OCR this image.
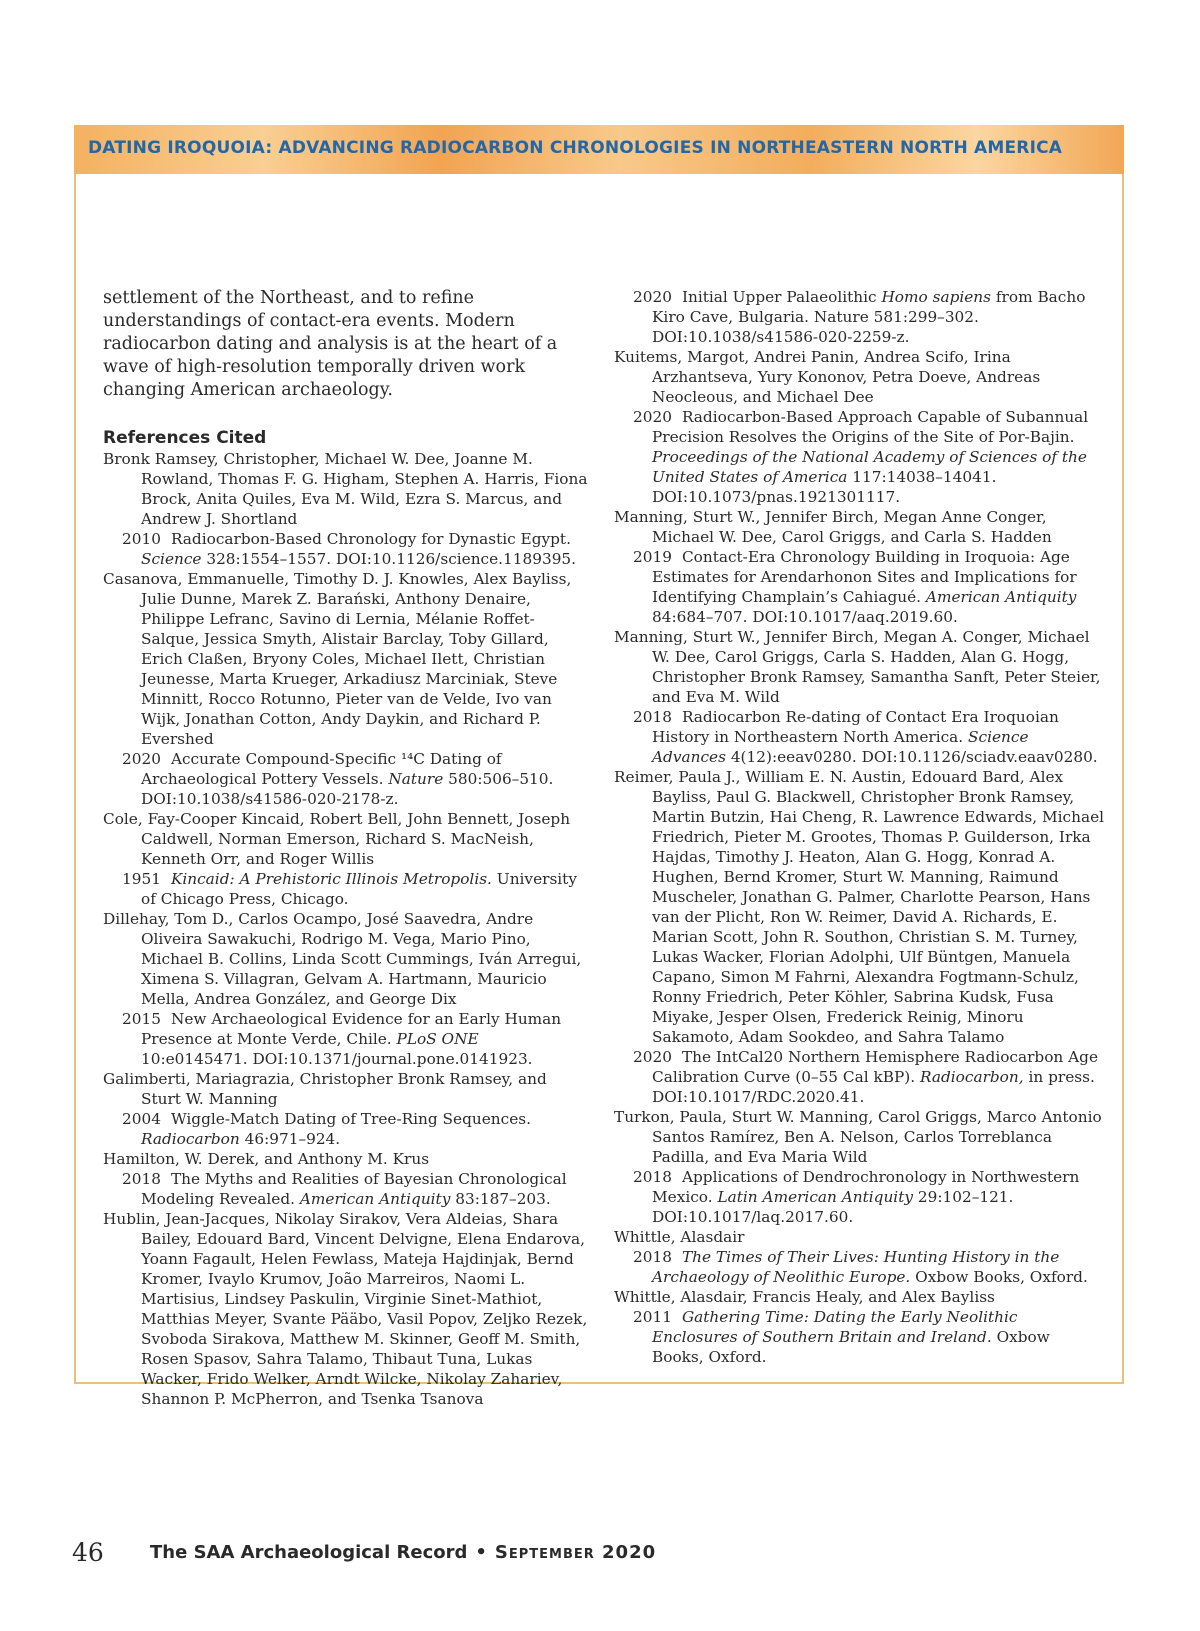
DATING IROQUOIA: ADVANCING RADIOCARBON CHRONOLOGIES IN NORTHEASTERN NORTH AMERICA

settlement of the Northeast, and to refine understandings of contact-era events. Modern radiocarbon dating and analysis is at the heart of a wave of high-resolution temporally driven work changing American archaeology.

References Cited

Bronk Ramsey, Christopher, Michael W. Dee, Joanne M. Rowland, Thomas F. G. Higham, Stephen A. Harris, Fiona Brock, Anita Quiles, Eva M. Wild, Ezra S. Marcus, and Andrew J. Shortland

2010 Radiocarbon-Based Chronology for Dynastic Egypt. Science 328:1554–1557. DOI:10.1126/science.1189395.

Casanova, Emmanuelle, Timothy D. J. Knowles, Alex Bayliss, Julie Dunne, Marek Z. Barański, Anthony Denaire, Philippe Lefranc, Savino di Lernia, Mélanie Roffet-Salque, Jessica Smyth, Alistair Barclay, Toby Gillard, Erich Claßen, Bryony Coles, Michael Ilett, Christian Jeunesse, Marta Krueger, Arkadiusz Marciniak, Steve Minnitt, Rocco Rotunno, Pieter van de Velde, Ivo van Wijk, Jonathan Cotton, Andy Daykin, and Richard P. Evershed

2020 Accurate Compound-Specific ¹⁴C Dating of Archaeological Pottery Vessels. Nature 580:506–510. DOI:10.1038/s41586-020-2178-z.

Cole, Fay-Cooper Kincaid, Robert Bell, John Bennett, Joseph Caldwell, Norman Emerson, Richard S. MacNeish, Kenneth Orr, and Roger Willis

1951 Kincaid: A Prehistoric Illinois Metropolis. University of Chicago Press, Chicago.

Dillehay, Tom D., Carlos Ocampo, José Saavedra, Andre Oliveira Sawakuchi, Rodrigo M. Vega, Mario Pino, Michael B. Collins, Linda Scott Cummings, Iván Arregui, Ximena S. Villagran, Gelvam A. Hartmann, Mauricio Mella, Andrea González, and George Dix

2015 New Archaeological Evidence for an Early Human Presence at Monte Verde, Chile. PLoS ONE 10:e0145471. DOI:10.1371/journal.pone.0141923.

Galimberti, Mariagrazia, Christopher Bronk Ramsey, and Sturt W. Manning

2004 Wiggle-Match Dating of Tree-Ring Sequences. Radiocarbon 46:971–924.

Hamilton, W. Derek, and Anthony M. Krus

2018 The Myths and Realities of Bayesian Chronological Modeling Revealed. American Antiquity 83:187–203.

Hublin, Jean-Jacques, Nikolay Sirakov, Vera Aldeias, Shara Bailey, Edouard Bard, Vincent Delvigne, Elena Endarova, Yoann Fagault, Helen Fewlass, Mateja Hajdinjak, Bernd Kromer, Ivaylo Krumov, João Marreiros, Naomi L. Martisius, Lindsey Paskulin, Virginie Sinet-Mathiot, Matthias Meyer, Svante Pääbo, Vasil Popov, Zeljko Rezek, Svoboda Sirakova, Matthew M. Skinner, Geoff M. Smith, Rosen Spasov, Sahra Talamo, Thibaut Tuna, Lukas Wacker, Frido Welker, Arndt Wilcke, Nikolay Zahariev, Shannon P. McPherron, and Tsenka Tsanova

2020 Initial Upper Palaeolithic Homo sapiens from Bacho Kiro Cave, Bulgaria. Nature 581:299–302. DOI:10.1038/s41586-020-2259-z.

Kuitems, Margot, Andrei Panin, Andrea Scifo, Irina Arzhantseva, Yury Kononov, Petra Doeve, Andreas Neocleous, and Michael Dee

2020 Radiocarbon-Based Approach Capable of Subannual Precision Resolves the Origins of the Site of Por-Bajin. Proceedings of the National Academy of Sciences of the United States of America 117:14038–14041. DOI:10.1073/pnas.1921301117.

Manning, Sturt W., Jennifer Birch, Megan Anne Conger, Michael W. Dee, Carol Griggs, and Carla S. Hadden

2019 Contact-Era Chronology Building in Iroquoia: Age Estimates for Arendarhonon Sites and Implications for Identifying Champlain’s Cahiagué. American Antiquity 84:684–707. DOI:10.1017/aaq.2019.60.

Manning, Sturt W., Jennifer Birch, Megan A. Conger, Michael W. Dee, Carol Griggs, Carla S. Hadden, Alan G. Hogg, Christopher Bronk Ramsey, Samantha Sanft, Peter Steier, and Eva M. Wild

2018 Radiocarbon Re-dating of Contact Era Iroquoian History in Northeastern North America. Science Advances 4(12):eeav0280. DOI:10.1126/sciadv.eaav0280.

Reimer, Paula J., William E. N. Austin, Edouard Bard, Alex Bayliss, Paul G. Blackwell, Christopher Bronk Ramsey, Martin Butzin, Hai Cheng, R. Lawrence Edwards, Michael Friedrich, Pieter M. Grootes, Thomas P. Guilderson, Irka Hajdas, Timothy J. Heaton, Alan G. Hogg, Konrad A. Hughen, Bernd Kromer, Sturt W. Manning, Raimund Muscheler, Jonathan G. Palmer, Charlotte Pearson, Hans van der Plicht, Ron W. Reimer, David A. Richards, E. Marian Scott, John R. Southon, Christian S. M. Turney, Lukas Wacker, Florian Adolphi, Ulf Büntgen, Manuela Capano, Simon M Fahrni, Alexandra Fogtmann-Schulz, Ronny Friedrich, Peter Köhler, Sabrina Kudsk, Fusa Miyake, Jesper Olsen, Frederick Reinig, Minoru Sakamoto, Adam Sookdeo, and Sahra Talamo

2020 The IntCal20 Northern Hemisphere Radiocarbon Age Calibration Curve (0–55 Cal kBP). Radiocarbon, in press. DOI:10.1017/RDC.2020.41.

Turkon, Paula, Sturt W. Manning, Carol Griggs, Marco Antonio Santos Ramírez, Ben A. Nelson, Carlos Torreblanca Padilla, and Eva Maria Wild

2018 Applications of Dendrochronology in Northwestern Mexico. Latin American Antiquity 29:102–121. DOI:10.1017/laq.2017.60.

Whittle, Alasdair

2018 The Times of Their Lives: Hunting History in the Archaeology of Neolithic Europe. Oxbow Books, Oxford.

Whittle, Alasdair, Francis Healy, and Alex Bayliss

2011 Gathering Time: Dating the Early Neolithic Enclosures of Southern Britain and Ireland. Oxbow Books, Oxford.

46	The SAA Archaeological Record • September 2020
